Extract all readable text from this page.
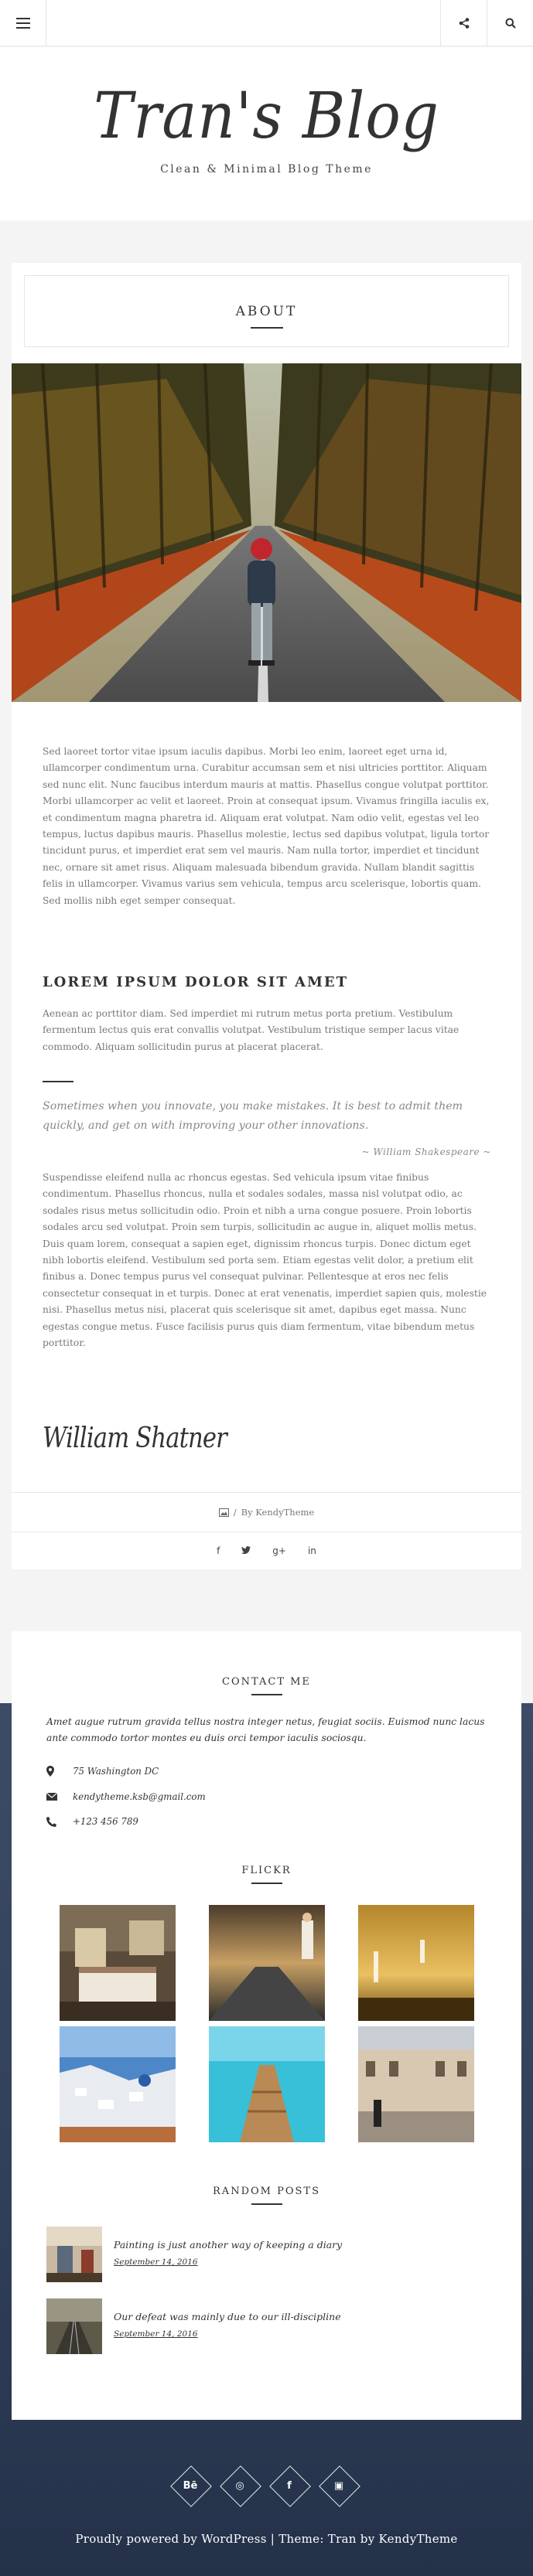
Tran's Blog
Clean & Minimal Blog Theme
ABOUT

Sed laoreet tortor vitae ipsum iaculis dapibus. Morbi leo enim, laoreet eget urna id, ullamcorper condimentum urna. Curabitur accumsan sem et nisi ultricies porttitor. Aliquam sed nunc elit. Nunc faucibus interdum mauris at mattis. Phasellus congue volutpat porttitor. Morbi ullamcorper ac velit et laoreet. Proin at consequat ipsum. Vivamus fringilla iaculis ex, et condimentum magna pharetra id. Aliquam erat volutpat. Nam odio velit, egestas vel leo tempus, luctus dapibus mauris. Phasellus molestie, lectus sed dapibus volutpat, ligula tortor tincidunt purus, et imperdiet erat sem vel mauris. Nam nulla tortor, imperdiet et tincidunt nec, ornare sit amet risus. Aliquam malesuada bibendum gravida. Nullam blandit sagittis felis in ullamcorper. Vivamus varius sem vehicula, tempus arcu scelerisque, lobortis quam. Sed mollis nibh eget semper consequat.

LOREM IPSUM DOLOR SIT AMET

Aenean ac porttitor diam. Sed imperdiet mi rutrum metus porta pretium. Vestibulum fermentum lectus quis erat convallis volutpat. Vestibulum tristique semper lacus vitae commodo. Aliquam sollicitudin purus at placerat placerat.

Sometimes when you innovate, you make mistakes. It is best to admit them quickly, and get on with improving your other innovations.
~ William Shakespeare ~

Suspendisse eleifend nulla ac rhoncus egestas. Sed vehicula ipsum vitae finibus condimentum. Phasellus rhoncus, nulla et sodales sodales, massa nisl volutpat odio, ac sodales risus metus sollicitudin odio. Proin et nibh a urna congue posuere. Proin lobortis sodales arcu sed volutpat. Proin sem turpis, sollicitudin ac augue in, aliquet mollis metus. Duis quam lorem, consequat a sapien eget, dignissim rhoncus turpis. Donec dictum eget nibh lobortis eleifend. Vestibulum sed porta sem. Etiam egestas velit dolor, a pretium elit finibus a. Donec tempus purus vel consequat pulvinar. Pellentesque at eros nec felis consectetur consequat in et turpis. Donec at erat venenatis, imperdiet sapien quis, molestie nisi. Phasellus metus nisi, placerat quis scelerisque sit amet, dapibus eget massa. Nunc egestas congue metus. Fusce facilisis purus quis diam fermentum, vitae bibendum metus porttitor.

William Shatner
/ By KendyTheme
f	g+ in
CONTACT ME

Amet augue rutrum gravida tellus nostra integer netus, feugiat sociis. Euismod nunc lacus ante commodo tortor montes eu duis orci tempor iaculis sociosqu.

75 Washington DC
kendytheme.ksb@gmail.com
+123 456 789
FLICKR
RANDOM POSTS
Painting is just another way of keeping a diary
September 14, 2016
Our defeat was mainly due to our ill-discipline
September 14, 2016
Bē	◎	f	▣
Proudly powered by WordPress | Theme: Tran by KendyTheme
